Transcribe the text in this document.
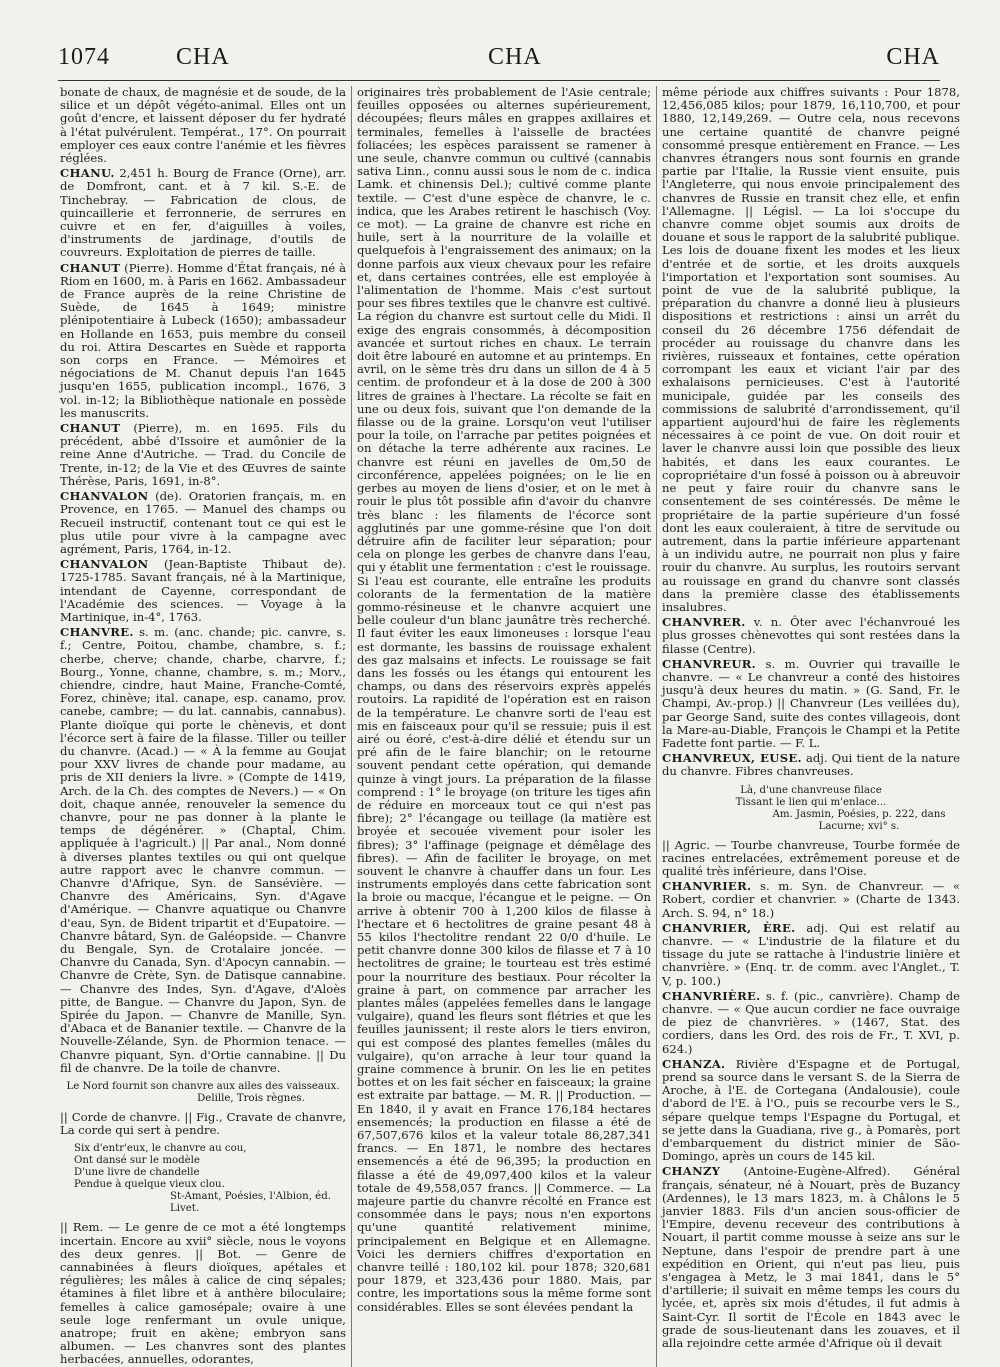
1074	CHA	CHA	CHA

bonate de chaux, de magnésie et de soude, de la silice et un dépôt végéto-animal. Elles ont un goût d'encre, et laissent déposer du fer hydraté à l'état pulvérulent. Températ., 17°. On pourrait employer ces eaux contre l'anémie et les fièvres réglées.

CHANU. 2,451 h. Bourg de France (Orne), arr. de Domfront, cant. et à 7 kil. S.-E. de Tinchebray. — Fabrication de clous, de quincaillerie et ferronnerie, de serrures en cuivre et en fer, d'aiguilles à voiles, d'instruments de jardinage, d'outils de couvreurs. Exploitation de pierres de taille.

CHANUT (Pierre). Homme d'État français, né à Riom en 1600, m. à Paris en 1662. Ambassadeur de France auprès de la reine Christine de Suède, de 1645 à 1649; ministre plénipotentiaire à Lubeck (1650); ambassadeur en Hollande en 1653, puis membre du conseil du roi. Attira Descartes en Suède et rapporta son corps en France. — Mémoires et négociations de M. Chanut depuis l'an 1645 jusqu'en 1655, publication incompl., 1676, 3 vol. in-12; la Bibliothèque nationale en possède les manuscrits.

CHANUT (Pierre), m. en 1695. Fils du précédent, abbé d'Issoire et aumônier de la reine Anne d'Autriche. — Trad. du Concile de Trente, in-12; de la Vie et des Œuvres de sainte Thérèse, Paris, 1691, in-8°.

CHANVALON (de). Oratorien français, m. en Provence, en 1765. — Manuel des champs ou Recueil instructif, contenant tout ce qui est le plus utile pour vivre à la campagne avec agrément, Paris, 1764, in-12.

CHANVALON (Jean-Baptiste Thibaut de). 1725-1785. Savant français, né à la Martinique, intendant de Cayenne, correspondant de l'Académie des sciences. — Voyage à la Martinique, in-4°, 1763.

CHANVRE. s. m. (anc. chande; pic. canvre, s. f.; Centre, Poitou, chambe, chambre, s. f.; cherbe, cherve; chande, charbe, charvre, f.; Bourg., Yonne, channe, chambre, s. m.; Morv., chiendre, cindre, haut Maine, Franche-Comté, Forez, chinève; ital. canape, esp. canamo, prov. canebe, cambre; — du lat. cannabis, cannabus). Plante dioïque qui porte le chènevis, et dont l'écorce sert à faire de la filasse. Tiller ou teiller du chanvre. (Acad.) — « À la femme au Goujat pour XXV livres de chande pour madame, au pris de XII deniers la livre. » (Compte de 1419, Arch. de la Ch. des comptes de Nevers.) — « On doit, chaque année, renouveler la semence du chanvre, pour ne pas donner à la plante le temps de dégénérer. » (Chaptal, Chim. appliquée à l'agricult.) || Par anal., Nom donné à diverses plantes textiles ou qui ont quelque autre rapport avec le chanvre commun. — Chanvre d'Afrique, Syn. de Sansévière. — Chanvre des Américains, Syn. d'Agave d'Amérique. — Chanvre aquatique ou Chanvre d'eau, Syn. de Bident tripartit et d'Eupatoire. — Chanvre bâtard, Syn. de Galéopside. — Chanvre du Bengale, Syn. de Crotalaire joncée. — Chanvre du Canada, Syn. d'Apocyn cannabin. — Chanvre de Crète, Syn. de Datisque cannabine. — Chanvre des Indes, Syn. d'Agave, d'Aloès pitte, de Bangue. — Chanvre du Japon, Syn. de Spirée du Japon. — Chanvre de Manille, Syn. d'Abaca et de Bananier textile. — Chanvre de la Nouvelle-Zélande, Syn. de Phormion tenace. — Chanvre piquant, Syn. d'Ortie cannabine. || Du fil de chanvre. De la toile de chanvre.

Le Nord fournit son chanvre aux ailes des vaisseaux.
Delille, Trois règnes.

|| Corde de chanvre. || Fig., Cravate de chanvre, La corde qui sert à pendre.

Six d'entr'eux, le chanvre au cou,
Ont dansé sur le modèle
D'une livre de chandelle
Pendue à quelque vieux clou.
St-Amant, Poésies, l'Albion, éd. Livet.

|| Rem. — Le genre de ce mot a été longtemps incertain. Encore au xvii° siècle, nous le voyons des deux genres. || Bot. — Genre de cannabinées à fleurs dioïques, apétales et régulières; les mâles à calice de cinq sépales; étamines à filet libre et à anthère biloculaire; femelles à calice gamosépale; ovaire à une seule loge renfermant un ovule unique, anatrope; fruit en akène; embryon sans albumen. — Les chanvres sont des plantes herbacées, annuelles, odorantes,

originaires très probablement de l'Asie centrale; feuilles opposées ou alternes supérieurement, découpées; fleurs mâles en grappes axillaires et terminales, femelles à l'aisselle de bractées foliacées; les espèces paraissent se ramener à une seule, chanvre commun ou cultivé (cannabis sativa Linn., connu aussi sous le nom de c. indica Lamk. et chinensis Del.); cultivé comme plante textile. — C'est d'une espèce de chanvre, le c. indica, que les Arabes retirent le haschisch (Voy. ce mot). — La graine de chanvre est riche en huile, sert à la nourriture de la volaille et quelquefois à l'engraissement des animaux; on la donne parfois aux vieux chevaux pour les refaire et, dans certaines contrées, elle est employée à l'alimentation de l'homme. Mais c'est surtout pour ses fibres textiles que le chanvre est cultivé. La région du chanvre est surtout celle du Midi. Il exige des engrais consommés, à décomposition avancée et surtout riches en chaux. Le terrain doit être labouré en automne et au printemps. En avril, on le sème très dru dans un sillon de 4 à 5 centim. de profondeur et à la dose de 200 à 300 litres de graines à l'hectare. La récolte se fait en une ou deux fois, suivant que l'on demande de la filasse ou de la graine. Lorsqu'on veut l'utiliser pour la toile, on l'arrache par petites poignées et on détache la terre adhérente aux racines. Le chanvre est réuni en javelles de 0m,50 de circonférence, appelées poignées; on le lie en gerbes au moyen de liens d'osier, et on le met à rouir le plus tôt possible afin d'avoir du chanvre très blanc : les filaments de l'écorce sont agglutinés par une gomme-résine que l'on doit détruire afin de faciliter leur séparation; pour cela on plonge les gerbes de chanvre dans l'eau, qui y établit une fermentation : c'est le rouissage. Si l'eau est courante, elle entraîne les produits colorants de la fermentation de la matière gommo-résineuse et le chanvre acquiert une belle couleur d'un blanc jaunâtre très recherché. Il faut éviter les eaux limoneuses : lorsque l'eau est dormante, les bassins de rouissage exhalent des gaz malsains et infects. Le rouissage se fait dans les fossés ou les étangs qui entourent les champs, ou dans des réservoirs exprès appelés routoirs. La rapidité de l'opération est en raison de la température. Le chanvre sorti de l'eau est mis en faisceaux pour qu'il se ressuie; puis il est airé ou éoré, c'est-à-dire délié et étendu sur un pré afin de le faire blanchir; on le retourne souvent pendant cette opération, qui demande quinze à vingt jours. La préparation de la filasse comprend : 1° le broyage (on triture les tiges afin de réduire en morceaux tout ce qui n'est pas fibre); 2° l'écangage ou teillage (la matière est broyée et secouée vivement pour isoler les fibres); 3° l'affinage (peignage et démêlage des fibres). — Afin de faciliter le broyage, on met souvent le chanvre à chauffer dans un four. Les instruments employés dans cette fabrication sont la broie ou macque, l'écangue et le peigne. — On arrive à obtenir 700 à 1,200 kilos de filasse à l'hectare et 6 hectolitres de graine pesant 48 à 55 kilos l'hectolitre rendant 22 0/0 d'huile. Le petit chanvre donne 300 kilos de filasse et 7 à 10 hectolitres de graine; le tourteau est très estimé pour la nourriture des bestiaux. Pour récolter la graine à part, on commence par arracher les plantes mâles (appelées femelles dans le langage vulgaire), quand les fleurs sont flétries et que les feuilles jaunissent; il reste alors le tiers environ, qui est composé des plantes femelles (mâles du vulgaire), qu'on arrache à leur tour quand la graine commence à brunir. On les lie en petites bottes et on les fait sécher en faisceaux; la graine est extraite par battage. — M. R. || Production. — En 1840, il y avait en France 176,184 hectares ensemencés; la production en filasse a été de 67,507,676 kilos et la valeur totale 86,287,341 francs. — En 1871, le nombre des hectares ensemencés a été de 96,395; la production en filasse a été de 49,097,400 kilos et la valeur totale de 49,558,057 francs. || Commerce. — La majeure partie du chanvre récolté en France est consommée dans le pays; nous n'en exportons qu'une quantité relativement minime, principalement en Belgique et en Allemagne. Voici les derniers chiffres d'exportation en chanvre teillé : 180,102 kil. pour 1878; 320,681 pour 1879, et 323,436 pour 1880. Mais, par contre, les importations sous la même forme sont considérables. Elles se sont élevées pendant la

même période aux chiffres suivants : Pour 1878, 12,456,085 kilos; pour 1879, 16,110,700, et pour 1880, 12,149,269. — Outre cela, nous recevons une certaine quantité de chanvre peigné consommé presque entièrement en France. — Les chanvres étrangers nous sont fournis en grande partie par l'Italie, la Russie vient ensuite, puis l'Angleterre, qui nous envoie principalement des chanvres de Russie en transit chez elle, et enfin l'Allemagne. || Législ. — La loi s'occupe du chanvre comme objet soumis aux droits de douane et sous le rapport de la salubrité publique. Les lois de douane fixent les modes et les lieux d'entrée et de sortie, et les droits auxquels l'importation et l'exportation sont soumises. Au point de vue de la salubrité publique, la préparation du chanvre a donné lieu à plusieurs dispositions et restrictions : ainsi un arrêt du conseil du 26 décembre 1756 défendait de procéder au rouissage du chanvre dans les rivières, ruisseaux et fontaines, cette opération corrompant les eaux et viciant l'air par des exhalaisons pernicieuses. C'est à l'autorité municipale, guidée par les conseils des commissions de salubrité d'arrondissement, qu'il appartient aujourd'hui de faire les règlements nécessaires à ce point de vue. On doit rouir et laver le chanvre aussi loin que possible des lieux habités, et dans les eaux courantes. Le copropriétaire d'un fossé à poisson ou à abreuvoir ne peut y faire rouir du chanvre sans le consentement de ses cointéressés. De même le propriétaire de la partie supérieure d'un fossé dont les eaux couleraient, à titre de servitude ou autrement, dans la partie inférieure appartenant à un individu autre, ne pourrait non plus y faire rouir du chanvre. Au surplus, les routoirs servant au rouissage en grand du chanvre sont classés dans la première classe des établissements insalubres.

CHANVRER. v. n. Ôter avec l'échanvroué les plus grosses chènevottes qui sont restées dans la filasse (Centre).

CHANVREUR. s. m. Ouvrier qui travaille le chanvre. — « Le chanvreur a conté des histoires jusqu'à deux heures du matin. » (G. Sand, Fr. le Champi, Av.-prop.) || Chanvreur (Les veillées du), par George Sand, suite des contes villageois, dont la Mare-au-Diable, François le Champi et la Petite Fadette font partie. — F. L.

CHANVREUX, EUSE. adj. Qui tient de la nature du chanvre. Fibres chanvreuses.

Là, d'une chanvreuse filace
Tissant le lien qui m'enlace...
Am. Jasmin, Poésies, p. 222, dans Lacurne; xvi° s.

|| Agric. — Tourbe chanvreuse, Tourbe formée de racines entrelacées, extrêmement poreuse et de qualité très inférieure, dans l'Oise.

CHANVRIER. s. m. Syn. de Chanvreur. — « Robert, cordier et chanvrier. » (Charte de 1343. Arch. S. 94, n° 18.)

CHANVRIER, ÈRE. adj. Qui est relatif au chanvre. — « L'industrie de la filature et du tissage du jute se rattache à l'industrie linière et chanvrière. » (Enq. tr. de comm. avec l'Anglet., T. V, p. 100.)

CHANVRIÈRE. s. f. (pic., canvrière). Champ de chanvre. — « Que aucun cordier ne face ouvraige de piez de chanvrières. » (1467, Stat. des cordiers, dans les Ord. des rois de Fr., T. XVI, p. 624.)

CHANZA. Rivière d'Espagne et de Portugal, prend sa source dans le versant S. de la Sierra de Aroche, à l'E. de Cortegana (Andalousie), coule d'abord de l'E. à l'O., puis se recourbe vers le S., sépare quelque temps l'Espagne du Portugal, et se jette dans la Guadiana, rive g., à Pomarès, port d'embarquement du district minier de São-Domingo, après un cours de 145 kil.

CHANZY (Antoine-Eugène-Alfred). Général français, sénateur, né à Nouart, près de Buzancy (Ardennes), le 13 mars 1823, m. à Châlons le 5 janvier 1883. Fils d'un ancien sous-officier de l'Empire, devenu receveur des contributions à Nouart, il partit comme mousse à seize ans sur le Neptune, dans l'espoir de prendre part à une expédition en Orient, qui n'eut pas lieu, puis s'engagea à Metz, le 3 mai 1841, dans le 5° d'artillerie; il suivait en même temps les cours du lycée, et, après six mois d'études, il fut admis à Saint-Cyr. Il sortit de l'École en 1843 avec le grade de sous-lieutenant dans les zouaves, et il alla rejoindre cette armée d'Afrique où il devait
